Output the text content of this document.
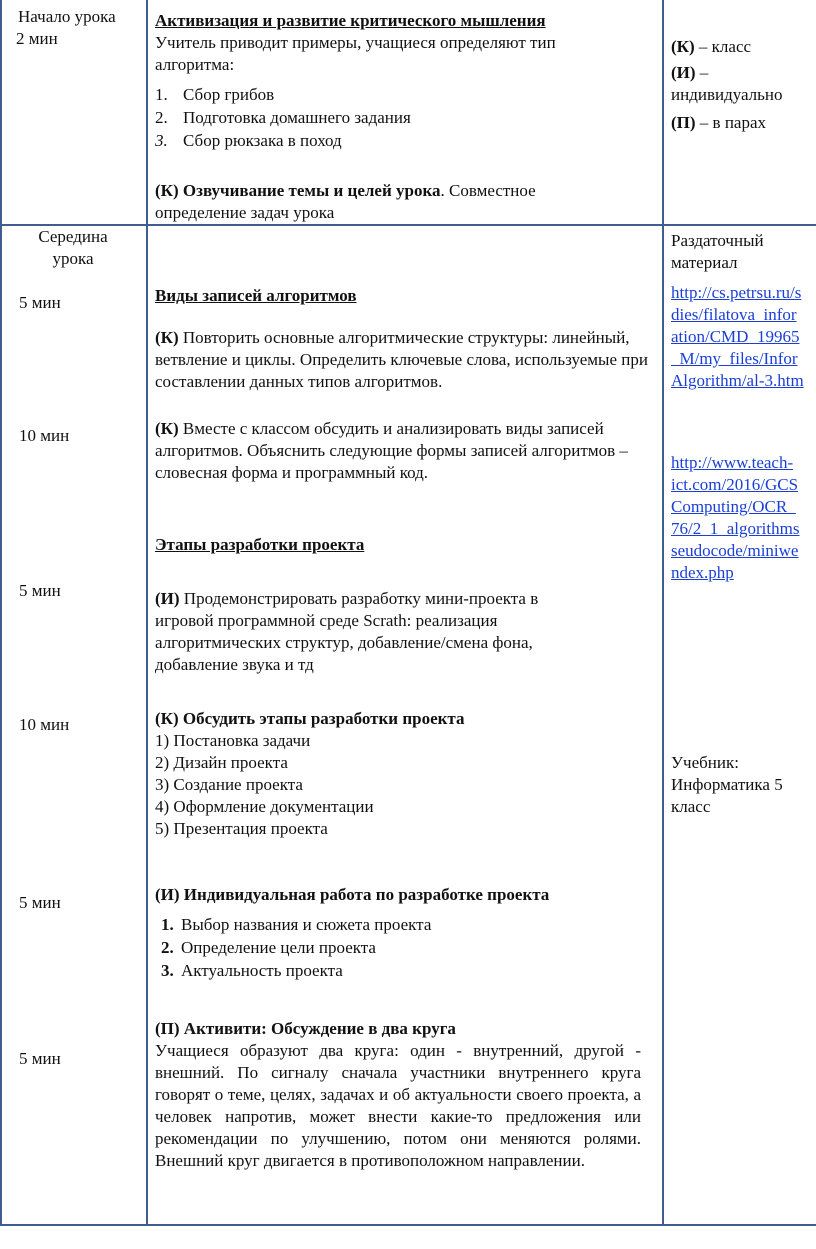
Начало урока
2 мин
Активизация и развитие критического мышления
Учитель приводит примеры, учащиеся определяют тип алгоритма:
1. Сбор грибов
2. Подготовка домашнего задания
3. Сбор рюкзака в поход
(К) Озвучивание темы и целей урока. Совместное определение задач урока
(К) – класс
(И) – индивидуально
(П) – в парах
Середина
урока
5 мин
10 мин
5 мин
10 мин
5 мин
5 мин
Виды записей алгоритмов
(К) Повторить основные алгоритмические структуры: линейный, ветвление и циклы. Определить ключевые слова, используемые при составлении данных типов алгоритмов.
(К) Вместе с классом обсудить и анализировать виды записей алгоритмов. Объяснить следующие формы записей алгоритмов – словесная форма и программный код.
Этапы разработки проекта
(И) Продемонстрировать разработку мини-проекта в игровой программной среде Scrath: реализация алгоритмических структур, добавление/смена фона, добавление звука и тд
(К) Обсудить этапы разработки проекта
1) Постановка задачи
2) Дизайн проекта
3) Создание проекта
4) Оформление документации
5) Презентация проекта
(И) Индивидуальная работа по разработке проекта
1. Выбор названия и сюжета проекта
2. Определение цели проекта
3. Актуальность проекта
(П) Активити: Обсуждение в два круга
Учащиеся образуют два круга: один - внутренний, другой - внешний. По сигналу сначала участники внутреннего круга говорят о теме, целях, задачах и об актуальности своего проекта, а человек напротив, может внести какие-то предложения или рекомендации по улучшению, потом они меняются ролями. Внешний круг двигается в противоположном направлении.
Раздаточный материал
http://cs.petrsu.ru/s
dies/filatova_infor
ation/CMD_19965
_M/my_files/Infor
Algorithm/al-3.htm
http://www.teach-
ict.com/2016/GCS
Computing/OCR_
76/2_1_algorithms
seudocode/miniwe
ndex.php
Учебник: Информатика 5 класс
